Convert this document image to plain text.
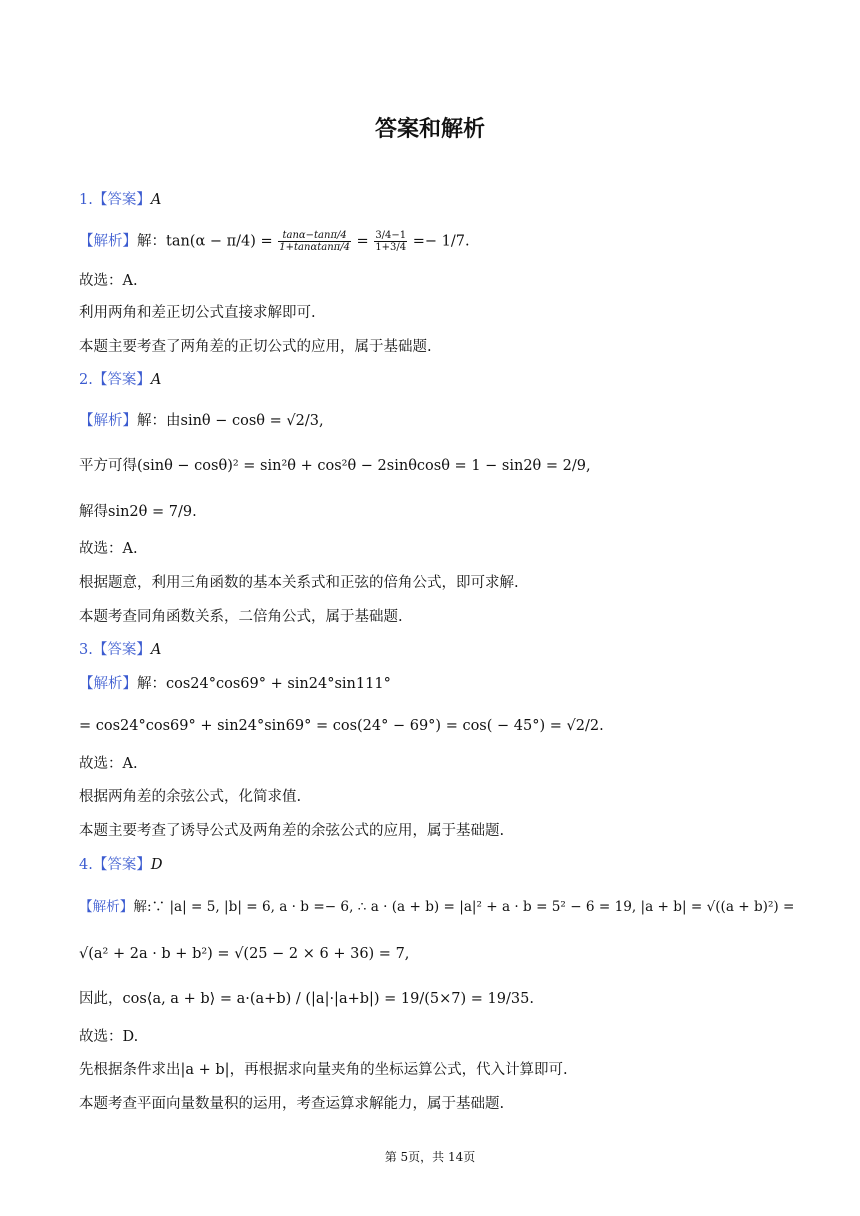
答案和解析
1.【答案】A
【解析】解：$\tan(\alpha - \pi/4) = \frac{\tan\alpha-\tan\pi/4}{1+\tan\alpha\tan\pi/4} = \frac{3/4-1}{1+3/4} =- 1/7$.
故选：A.
利用两角和差正切公式直接求解即可.
本题主要考查了两角差的正切公式的应用，属于基础题.
2.【答案】A
【解析】解：由sinθ − cosθ = √2/3,
平方可得(sinθ − cosθ)² = sin²θ + cos²θ − 2sinθcosθ = 1 − sin2θ = 2/9,
解得sin2θ = 7/9.
故选：A.
根据题意，利用三角函数的基本关系式和正弦的倍角公式，即可求解.
本题考查同角函数关系，二倍角公式，属于基础题.
3.【答案】A
【解析】解：cos24°cos69° + sin24°sin111°
= cos24°cos69° + sin24°sin69° = cos(24° − 69°) = cos( − 45°) = √2/2.
故选：A.
根据两角差的余弦公式，化简求值.
本题主要考查了诱导公式及两角差的余弦公式的应用，属于基础题.
4.【答案】D
【解析】解:∵ |a| = 5, |b| = 6, a · b =− 6, ∴ a · (a + b) = |a|² + a · b = 5² − 6 = 19, |a + b| = √((a + b)²) =
√(a² + 2a · b + b²) = √(25 − 2 × 6 + 36) = 7,
因此，cos⟨a, a + b⟩ = a·(a+b) / (|a|·|a+b|) = 19/(5×7) = 19/35.
故选：D.
先根据条件求出|a + b|，再根据求向量夹角的坐标运算公式，代入计算即可.
本题考查平面向量数量积的运用，考查运算求解能力，属于基础题.
第 5页，共 14页
